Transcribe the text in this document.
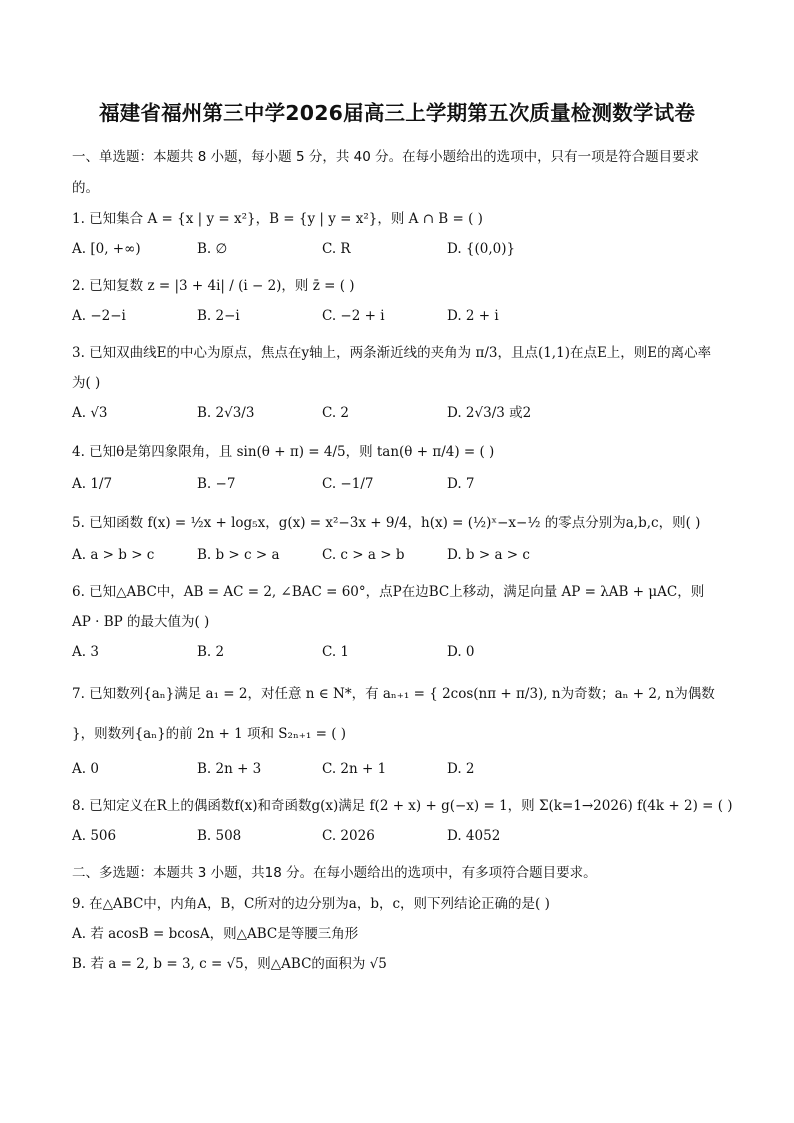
福建省福州第三中学2026届高三上学期第五次质量检测数学试卷

一、单选题：本题共 8 小题，每小题 5 分，共 40 分。在每小题给出的选项中，只有一项是符合题目要求的。

1. 已知集合 A = {x | y = x²}，B = {y | y = x²}，则 A ∩ B = ( )

A. [0, +∞)	B. ∅	C. R	D. {(0,0)}

2. 已知复数 z = |3 + 4i| / (i − 2)，则 z̄ = ( )

A. −2−i	B. 2−i	C. −2 + i	D. 2 + i

3. 已知双曲线E的中心为原点，焦点在y轴上，两条渐近线的夹角为 π/3，且点(1,1)在点E上，则E的离心率为( )

A. √3	B. 2√3/3	C. 2	D. 2√3/3 或2

4. 已知θ是第四象限角，且 sin(θ + π) = 4/5，则 tan(θ + π/4) = ( )

A. 1/7	B. −7	C. −1/7	D. 7

5. 已知函数 f(x) = ½x + log₅x，g(x) = x²−3x + 9/4，h(x) = (½)ˣ−x−½ 的零点分别为a,b,c，则( )

A. a > b > c	B. b > c > a	C. c > a > b	D. b > a > c

6. 已知△ABC中，AB = AC = 2, ∠BAC = 60°，点P在边BC上移动，满足向量 AP = λAB + μAC，则 AP · BP 的最大值为( )

A. 3	B. 2	C. 1	D. 0

7. 已知数列{aₙ}满足 a₁ = 2，对任意 n ∈ N*，有 aₙ₊₁ = { 2cos(nπ + π/3), n为奇数；aₙ + 2, n为偶数 }，则数列{aₙ}的前 2n + 1 项和 S₂ₙ₊₁ = ( )

A. 0	B. 2n + 3	C. 2n + 1	D. 2

8. 已知定义在R上的偶函数f(x)和奇函数g(x)满足 f(2 + x) + g(−x) = 1，则 Σ(k=1→2026) f(4k + 2) = ( )

A. 506	B. 508	C. 2026	D. 4052

二、多选题：本题共 3 小题，共18 分。在每小题给出的选项中，有多项符合题目要求。

9. 在△ABC中，内角A，B，C所对的边分别为a，b，c，则下列结论正确的是( )

A. 若 acosB = bcosA，则△ABC是等腰三角形

B. 若 a = 2, b = 3, c = √5，则△ABC的面积为 √5
